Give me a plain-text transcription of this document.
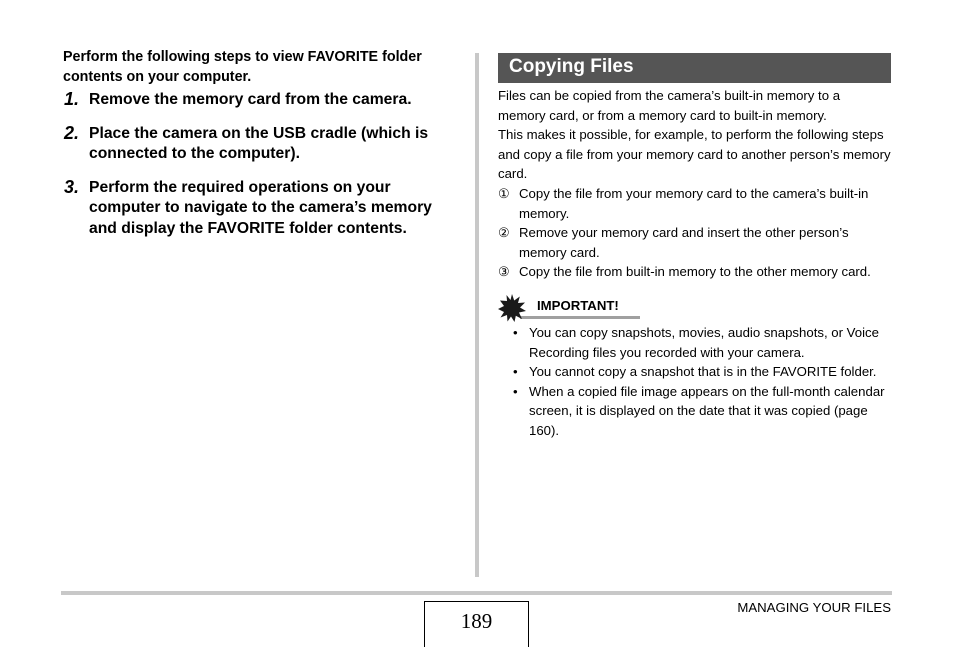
Perform the following steps to view FAVORITE folder contents on your computer.

1. Remove the memory card from the camera.
2. Place the camera on the USB cradle (which is connected to the computer).
3. Perform the required operations on your computer to navigate to the camera’s memory and display the FAVORITE folder contents.
Copying Files

Files can be copied from the camera’s built-in memory to a memory card, or from a memory card to built-in memory.

This makes it possible, for example, to perform the following steps and copy a file from your memory card to another person’s memory card.

① Copy the file from your memory card to the camera’s built-in memory.
② Remove your memory card and insert the other person’s memory card.
③ Copy the file from built-in memory to the other memory card.
IMPORTANT!
• You can copy snapshots, movies, audio snapshots, or Voice Recording files you recorded with your camera.
• You cannot copy a snapshot that is in the FAVORITE folder.
• When a copied file image appears on the full-month calendar screen, it is displayed on the date that it was copied (page 160).
189
MANAGING YOUR FILES
